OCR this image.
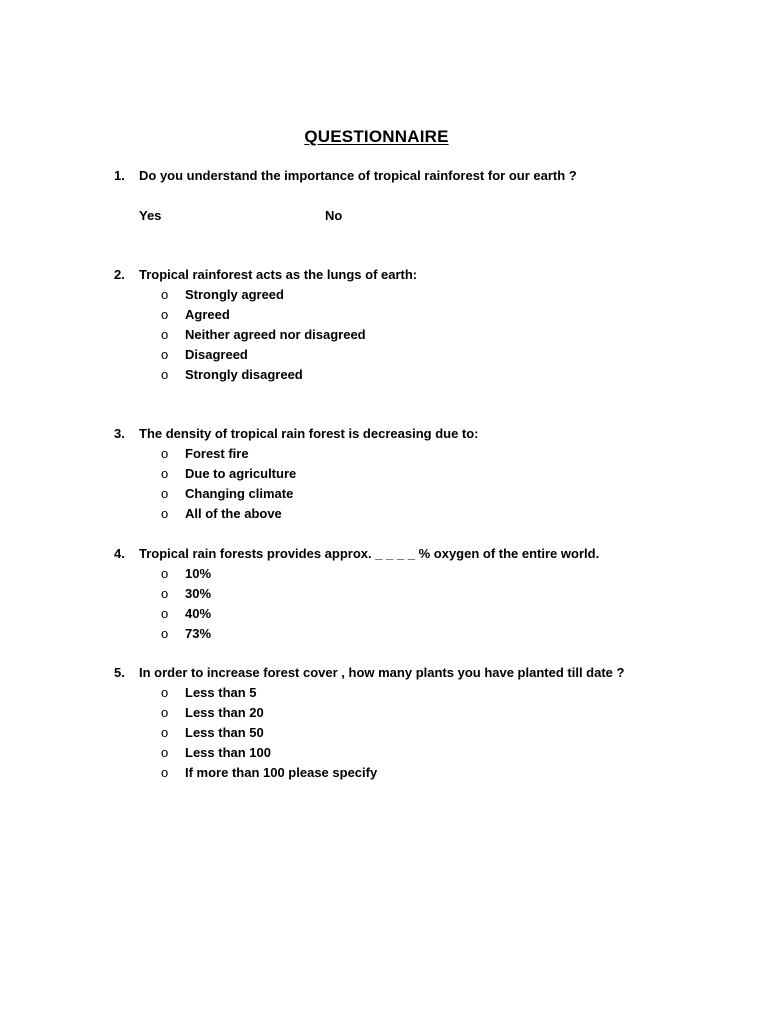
QUESTIONNAIRE
1. Do you understand the importance of tropical rainforest for our earth ?
Yes	No
2. Tropical rainforest acts as the lungs of earth:
o Strongly agreed
o Agreed
o Neither agreed nor disagreed
o Disagreed
o Strongly disagreed
3. The density of tropical rain forest is decreasing due to:
o Forest fire
o Due to agriculture
o Changing climate
o All of the above
4. Tropical rain forests provides approx. _ _ _ _ % oxygen of the entire world.
o 10%
o 30%
o 40%
o 73%
5. In order to increase forest cover , how many plants you have planted till date ?
o Less than 5
o Less than 20
o Less than 50
o Less than 100
o If more than 100 please specify
